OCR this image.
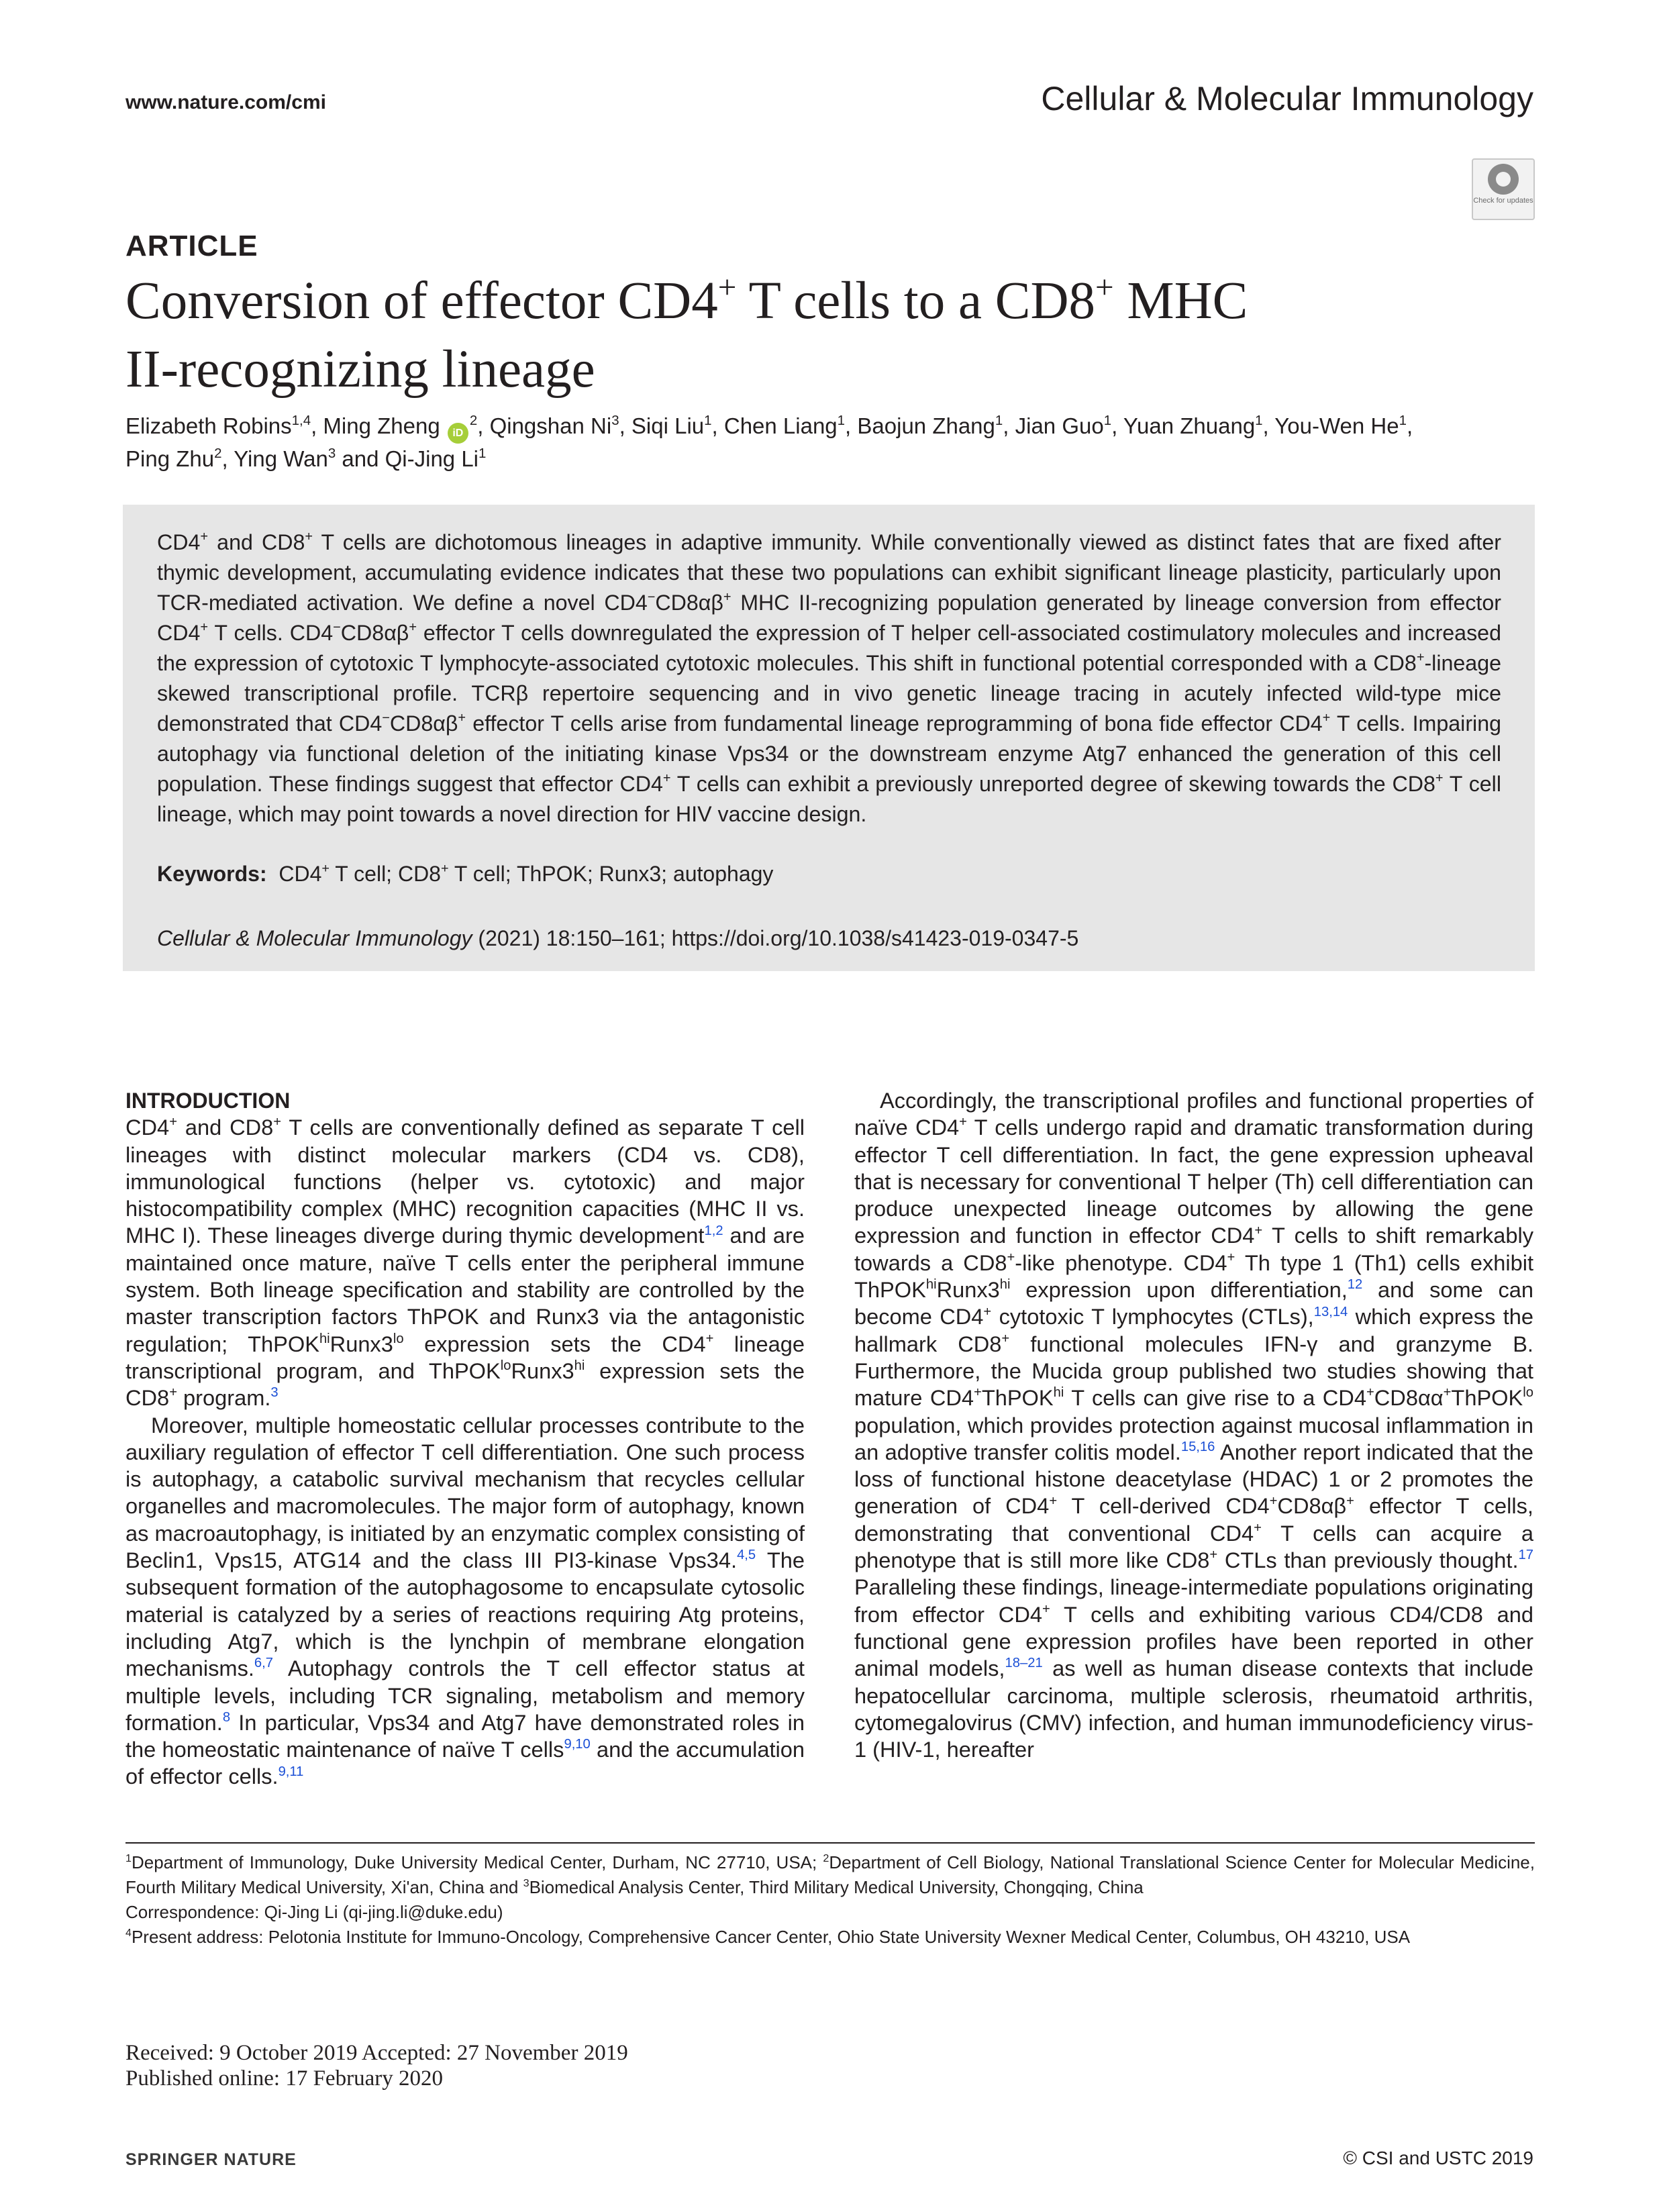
www.nature.com/cmi	Cellular & Molecular Immunology
Check for updates
ARTICLE
Conversion of effector CD4+ T cells to a CD8+ MHC
II-recognizing lineage
Elizabeth Robins$^{1,4}$, Ming Zheng $iD^2$, Qingshan Ni$^3$, Siqi Liu$^1$, Chen Liang$^1$, Baojun Zhang$^1$, Jian Guo$^1$, Yuan Zhuang$^1$, You-Wen He$^1$,
Ping Zhu$^2$, Ying Wan$^3$ and Qi-Jing Li$^1$
CD4+ and CD8+ T cells are dichotomous lineages in adaptive immunity. While conventionally viewed as distinct fates that are fixed after thymic development, accumulating evidence indicates that these two populations can exhibit significant lineage plasticity, particularly upon TCR-mediated activation. We define a novel CD4−CD8αβ+ MHC II-recognizing population generated by lineage conversion from effector CD4+ T cells. CD4−CD8αβ+ effector T cells downregulated the expression of T helper cell-associated costimulatory molecules and increased the expression of cytotoxic T lymphocyte-associated cytotoxic molecules. This shift in functional potential corresponded with a CD8+-lineage skewed transcriptional profile. TCRβ repertoire sequencing and in vivo genetic lineage tracing in acutely infected wild-type mice demonstrated that CD4−CD8αβ+ effector T cells arise from fundamental lineage reprogramming of bona fide effector CD4+ T cells. Impairing autophagy via functional deletion of the initiating kinase Vps34 or the downstream enzyme Atg7 enhanced the generation of this cell population. These findings suggest that effector CD4+ T cells can exhibit a previously unreported degree of skewing towards the CD8+ T cell lineage, which may point towards a novel direction for HIV vaccine design.
Keywords: CD4+ T cell; CD8+ T cell; ThPOK; Runx3; autophagy
Cellular & Molecular Immunology (2021) 18:150–161; https://doi.org/10.1038/s41423-019-0347-5
INTRODUCTION

CD4+ and CD8+ T cells are conventionally defined as separate T cell lineages with distinct molecular markers (CD4 vs. CD8), immunological functions (helper vs. cytotoxic) and major histocompatibility complex (MHC) recognition capacities (MHC II vs. MHC I). These lineages diverge during thymic development$^{1,2}$ and are maintained once mature, naïve T cells enter the peripheral immune system. Both lineage specification and stability are controlled by the master transcription factors ThPOK and Runx3 via the antagonistic regulation; $ThPOK^{hi}Runx3^{lo}$ expression sets the CD4+ lineage transcriptional program, and $ThPOK^{lo}Runx3^{hi}$ expression sets the CD8+ program.$^3$

Moreover, multiple homeostatic cellular processes contribute to the auxiliary regulation of effector T cell differentiation. One such process is autophagy, a catabolic survival mechanism that recycles cellular organelles and macromolecules. The major form of autophagy, known as macroautophagy, is initiated by an enzymatic complex consisting of Beclin1, Vps15, ATG14 and the class III PI3-kinase Vps34.$^{4,5}$ The subsequent formation of the autophagosome to encapsulate cytosolic material is catalyzed by a series of reactions requiring Atg proteins, including Atg7, which is the lynchpin of membrane elongation mechanisms.$^{6,7}$ Autophagy controls the T cell effector status at multiple levels, including TCR signaling, metabolism and memory formation.$^8$ In particular, Vps34 and Atg7 have demonstrated roles in the homeostatic maintenance of naïve T cells$^{9,10}$ and the accumulation of effector cells.$^{9,11}$

Accordingly, the transcriptional profiles and functional properties of naïve CD4+ T cells undergo rapid and dramatic transformation during effector T cell differentiation. In fact, the gene expression upheaval that is necessary for conventional T helper (Th) cell differentiation can produce unexpected lineage outcomes by allowing the gene expression and function in effector CD4+ T cells to shift remarkably towards a CD8+-like phenotype. CD4+ Th type 1 (Th1) cells exhibit $ThPOK^{hi}Runx3^{hi}$ expression upon differentiation,$^{12}$ and some can become CD4+ cytotoxic T lymphocytes (CTLs),$^{13,14}$ which express the hallmark CD8+ functional molecules IFN-γ and granzyme B. Furthermore, the Mucida group published two studies showing that mature CD4+ThPOK$^{hi}$ T cells can give rise to a CD4+CD8αα+ThPOK$^{lo}$ population, which provides protection against mucosal inflammation in an adoptive transfer colitis model.$^{15,16}$ Another report indicated that the loss of functional histone deacetylase (HDAC) 1 or 2 promotes the generation of CD4+ T cell-derived CD4+CD8αβ+ effector T cells, demonstrating that conventional CD4+ T cells can acquire a phenotype that is still more like CD8+ CTLs than previously thought.$^{17}$ Paralleling these findings, lineage-intermediate populations originating from effector CD4+ T cells and exhibiting various CD4/CD8 and functional gene expression profiles have been reported in other animal models,$^{18-21}$ as well as human disease contexts that include hepatocellular carcinoma, multiple sclerosis, rheumatoid arthritis, cytomegalovirus (CMV) infection, and human immunodeficiency virus-1 (HIV-1, hereafter

$^1$Department of Immunology, Duke University Medical Center, Durham, NC 27710, USA; $^2$Department of Cell Biology, National Translational Science Center for Molecular Medicine, Fourth Military Medical University, Xi'an, China and $^3$Biomedical Analysis Center, Third Military Medical University, Chongqing, China

Correspondence: Qi-Jing Li (qi-jing.li@duke.edu)

$^4$Present address: Pelotonia Institute for Immuno-Oncology, Comprehensive Cancer Center, Ohio State University Wexner Medical Center, Columbus, OH 43210, USA

Received: 9 October 2019 Accepted: 27 November 2019
Published online: 17 February 2020
SPRINGER NATURE	© CSI and USTC 2019
